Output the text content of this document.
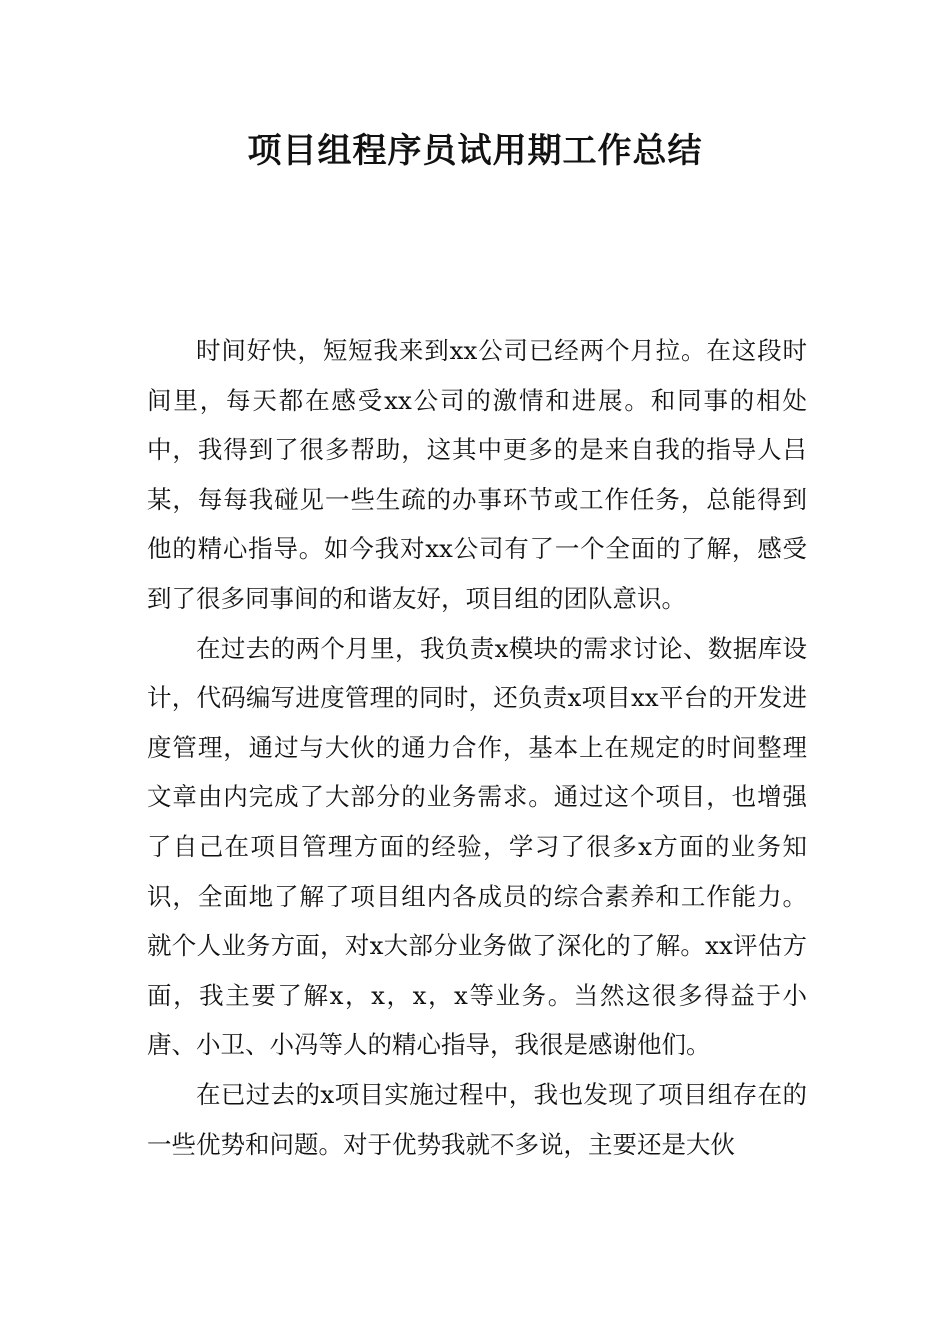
项目组程序员试用期工作总结

时间好快，短短我来到xx公司已经两个月拉。在这段时间里，每天都在感受xx公司的激情和进展。和同事的相处中，我得到了很多帮助，这其中更多的是来自我的指导人吕某，每每我碰见一些生疏的办事环节或工作任务，总能得到他的精心指导。如今我对xx公司有了一个全面的了解，感受到了很多同事间的和谐友好，项目组的团队意识。

在过去的两个月里，我负责x模块的需求讨论、数据库设计，代码编写进度管理的同时，还负责x项目xx平台的开发进度管理，通过与大伙的通力合作，基本上在规定的时间整理文章由内完成了大部分的业务需求。通过这个项目，也增强了自己在项目管理方面的经验，学习了很多x方面的业务知识，全面地了解了项目组内各成员的综合素养和工作能力。就个人业务方面，对x大部分业务做了深化的了解。xx评估方面，我主要了解x，x，x，x等业务。当然这很多得益于小唐、小卫、小冯等人的精心指导，我很是感谢他们。

在已过去的x项目实施过程中，我也发现了项目组存在的一些优势和问题。对于优势我就不多说，主要还是大伙
